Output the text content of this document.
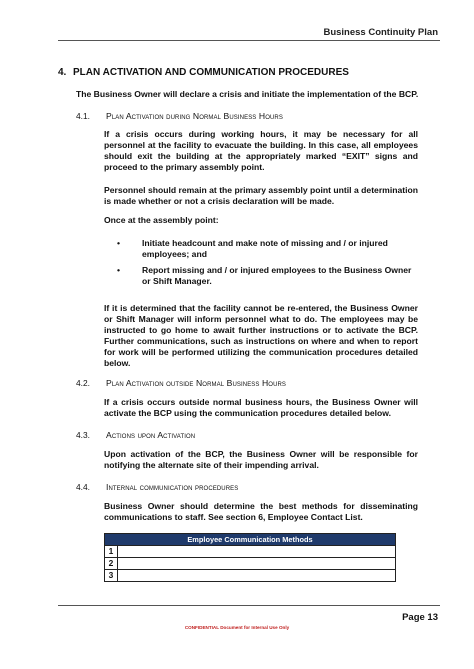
Business Continuity Plan
4. PLAN ACTIVATION AND COMMUNICATION PROCEDURES
The Business Owner will declare a crisis and initiate the implementation of the BCP.
4.1. Plan Activation during Normal Business Hours
If a crisis occurs during working hours, it may be necessary for all personnel at the facility to evacuate the building. In this case, all employees should exit the building at the appropriately marked “EXIT” signs and proceed to the primary assembly point.
Personnel should remain at the primary assembly point until a determination is made whether or not a crisis declaration will be made.
Once at the assembly point:
•	Initiate headcount and make note of missing and / or injured employees; and
•	Report missing and / or injured employees to the Business Owner or Shift Manager.
If it is determined that the facility cannot be re-entered, the Business Owner or Shift Manager will inform personnel what to do. The employees may be instructed to go home to await further instructions or to activate the BCP. Further communications, such as instructions on where and when to report for work will be performed utilizing the communication procedures detailed below.
4.2. Plan Activation outside Normal Business Hours
If a crisis occurs outside normal business hours, the Business Owner will activate the BCP using the communication procedures detailed below.
4.3. Actions upon Activation
Upon activation of the BCP, the Business Owner will be responsible for notifying the alternate site of their impending arrival.
4.4. Internal communication procedures
Business Owner should determine the best methods for disseminating communications to staff. See section 6, Employee Contact List.
Employee Communication Methods
1
2
3
Page 13
CONFIDENTIAL Document for Internal Use Only
